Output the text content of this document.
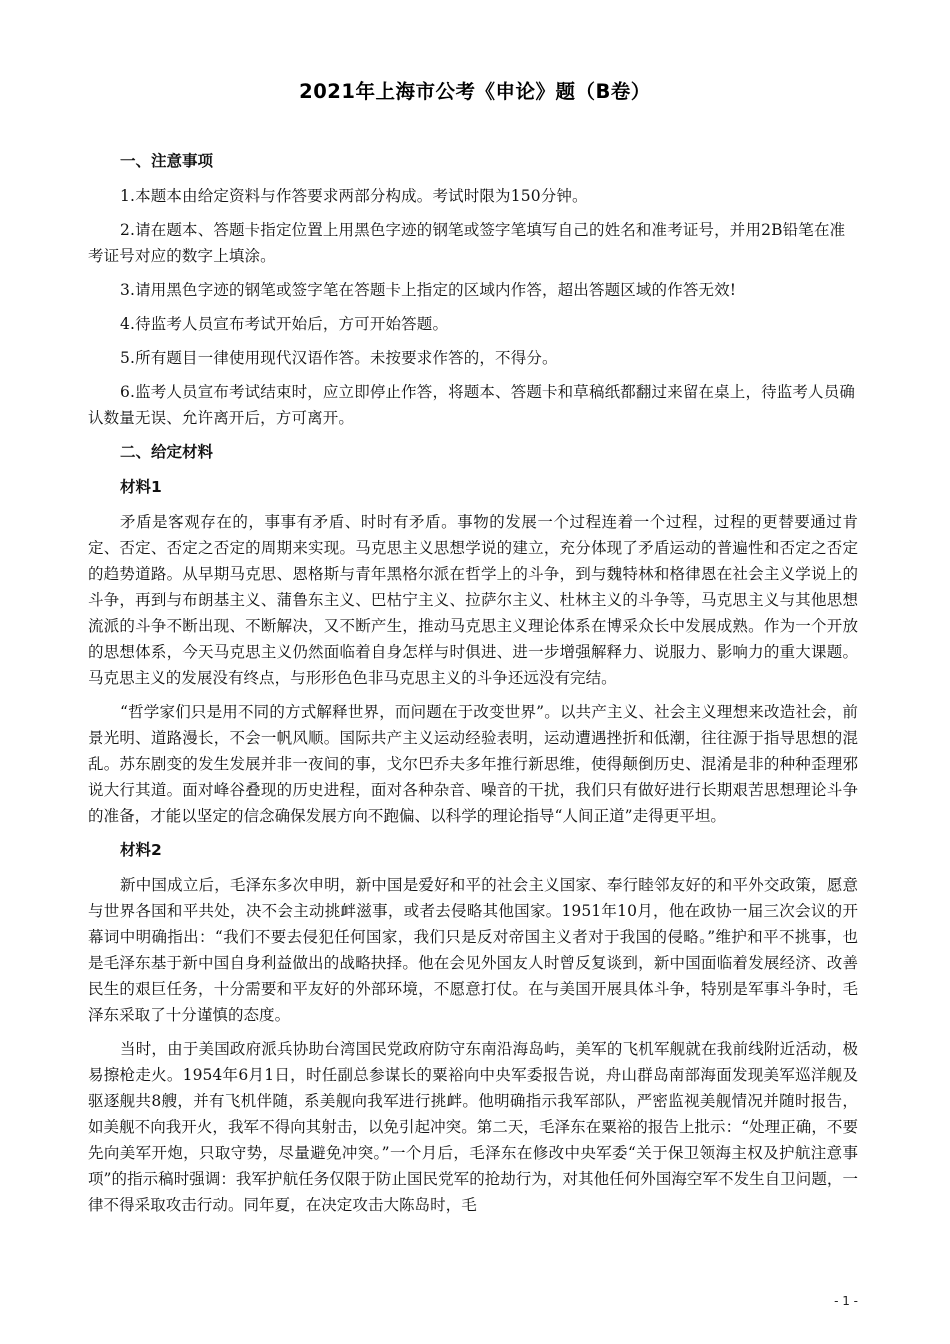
2021年上海市公考《申论》题（B卷）
一、注意事项

1.本题本由给定资料与作答要求两部分构成。考试时限为150分钟。

2.请在题本、答题卡指定位置上用黑色字迹的钢笔或签字笔填写自己的姓名和准考证号，并用2B铅笔在准考证号对应的数字上填涂。

3.请用黑色字迹的钢笔或签字笔在答题卡上指定的区域内作答，超出答题区域的作答无效!

4.待监考人员宣布考试开始后，方可开始答题。

5.所有题目一律使用现代汉语作答。未按要求作答的，不得分。

6.监考人员宣布考试结束时，应立即停止作答，将题本、答题卡和草稿纸都翻过来留在桌上，待监考人员确认数量无误、允许离开后，方可离开。

二、给定材料
材料1

矛盾是客观存在的，事事有矛盾、时时有矛盾。事物的发展一个过程连着一个过程，过程的更替要通过肯定、否定、否定之否定的周期来实现。马克思主义思想学说的建立，充分体现了矛盾运动的普遍性和否定之否定的趋势道路。从早期马克思、恩格斯与青年黑格尔派在哲学上的斗争，到与魏特林和格律恩在社会主义学说上的斗争，再到与布朗基主义、蒲鲁东主义、巴枯宁主义、拉萨尔主义、杜林主义的斗争等，马克思主义与其他思想流派的斗争不断出现、不断解决，又不断产生，推动马克思主义理论体系在博采众长中发展成熟。作为一个开放的思想体系，今天马克思主义仍然面临着自身怎样与时俱进、进一步增强解释力、说服力、影响力的重大课题。马克思主义的发展没有终点，与形形色色非马克思主义的斗争还远没有完结。

“哲学家们只是用不同的方式解释世界，而问题在于改变世界”。以共产主义、社会主义理想来改造社会，前景光明、道路漫长，不会一帆风顺。国际共产主义运动经验表明，运动遭遇挫折和低潮，往往源于指导思想的混乱。苏东剧变的发生发展并非一夜间的事，戈尔巴乔夫多年推行新思维，使得颠倒历史、混淆是非的种种歪理邪说大行其道。面对峰谷叠现的历史进程，面对各种杂音、噪音的干扰，我们只有做好进行长期艰苦思想理论斗争的准备，才能以坚定的信念确保发展方向不跑偏、以科学的理论指导“人间正道”走得更平坦。

材料2

新中国成立后，毛泽东多次申明，新中国是爱好和平的社会主义国家、奉行睦邻友好的和平外交政策，愿意与世界各国和平共处，决不会主动挑衅滋事，或者去侵略其他国家。1951年10月，他在政协一届三次会议的开幕词中明确指出：“我们不要去侵犯任何国家，我们只是反对帝国主义者对于我国的侵略。”维护和平不挑事，也是毛泽东基于新中国自身利益做出的战略抉择。他在会见外国友人时曾反复谈到，新中国面临着发展经济、改善民生的艰巨任务，十分需要和平友好的外部环境，不愿意打仗。在与美国开展具体斗争，特别是军事斗争时，毛泽东采取了十分谨慎的态度。

当时，由于美国政府派兵协助台湾国民党政府防守东南沿海岛屿，美军的飞机军舰就在我前线附近活动，极易擦枪走火。1954年6月1日，时任副总参谋长的粟裕向中央军委报告说，舟山群岛南部海面发现美军巡洋舰及驱逐舰共8艘，并有飞机伴随，系美舰向我军进行挑衅。他明确指示我军部队，严密监视美舰情况并随时报告，如美舰不向我开火，我军不得向其射击，以免引起冲突。第二天，毛泽东在粟裕的报告上批示：“处理正确，不要先向美军开炮，只取守势，尽量避免冲突。”一个月后，毛泽东在修改中央军委“关于保卫领海主权及护航注意事项”的指示稿时强调：我军护航任务仅限于防止国民党军的抢劫行为，对其他任何外国海空军不发生自卫问题，一律不得采取攻击行动。同年夏，在决定攻击大陈岛时，毛

- 1 -
